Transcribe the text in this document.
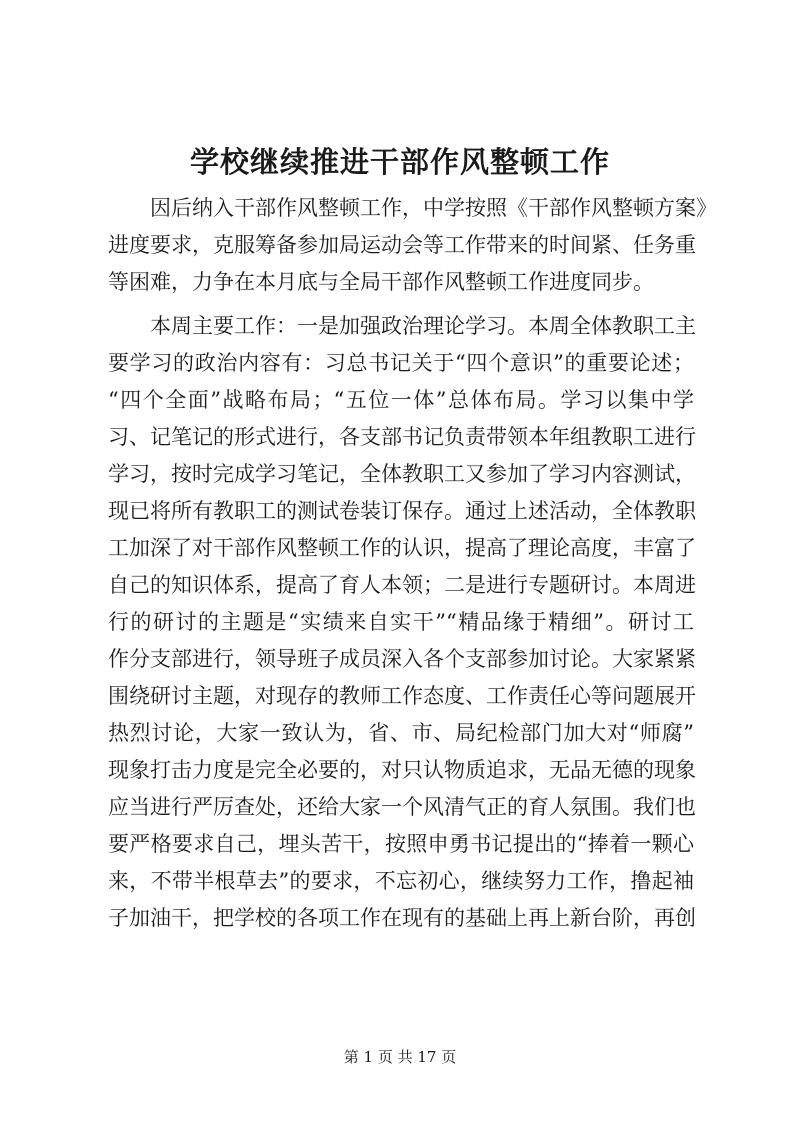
学校继续推进干部作风整顿工作
因后纳入干部作风整顿工作，中学按照《干部作风整顿方案》
进度要求，克服筹备参加局运动会等工作带来的时间紧、任务重
等困难，力争在本月底与全局干部作风整顿工作进度同步。
本周主要工作：一是加强政治理论学习。本周全体教职工主
要学习的政治内容有：习总书记关于“四个意识”的重要论述；
“四个全面”战略布局；“五位一体”总体布局。学习以集中学
习、记笔记的形式进行，各支部书记负责带领本年组教职工进行
学习，按时完成学习笔记，全体教职工又参加了学习内容测试，
现已将所有教职工的测试卷装订保存。通过上述活动，全体教职
工加深了对干部作风整顿工作的认识，提高了理论高度，丰富了
自己的知识体系，提高了育人本领；二是进行专题研讨。本周进
行的研讨的主题是“实绩来自实干”“精品缘于精细”。研讨工
作分支部进行，领导班子成员深入各个支部参加讨论。大家紧紧
围绕研讨主题，对现存的教师工作态度、工作责任心等问题展开
热烈讨论，大家一致认为，省、市、局纪检部门加大对“师腐”
现象打击力度是完全必要的，对只认物质追求，无品无德的现象
应当进行严厉查处，还给大家一个风清气正的育人氛围。我们也
要严格要求自己，埋头苦干，按照申勇书记提出的“捧着一颗心
来，不带半根草去”的要求，不忘初心，继续努力工作，撸起袖
子加油干，把学校的各项工作在现有的基础上再上新台阶，再创

第 1 页 共 17 页
